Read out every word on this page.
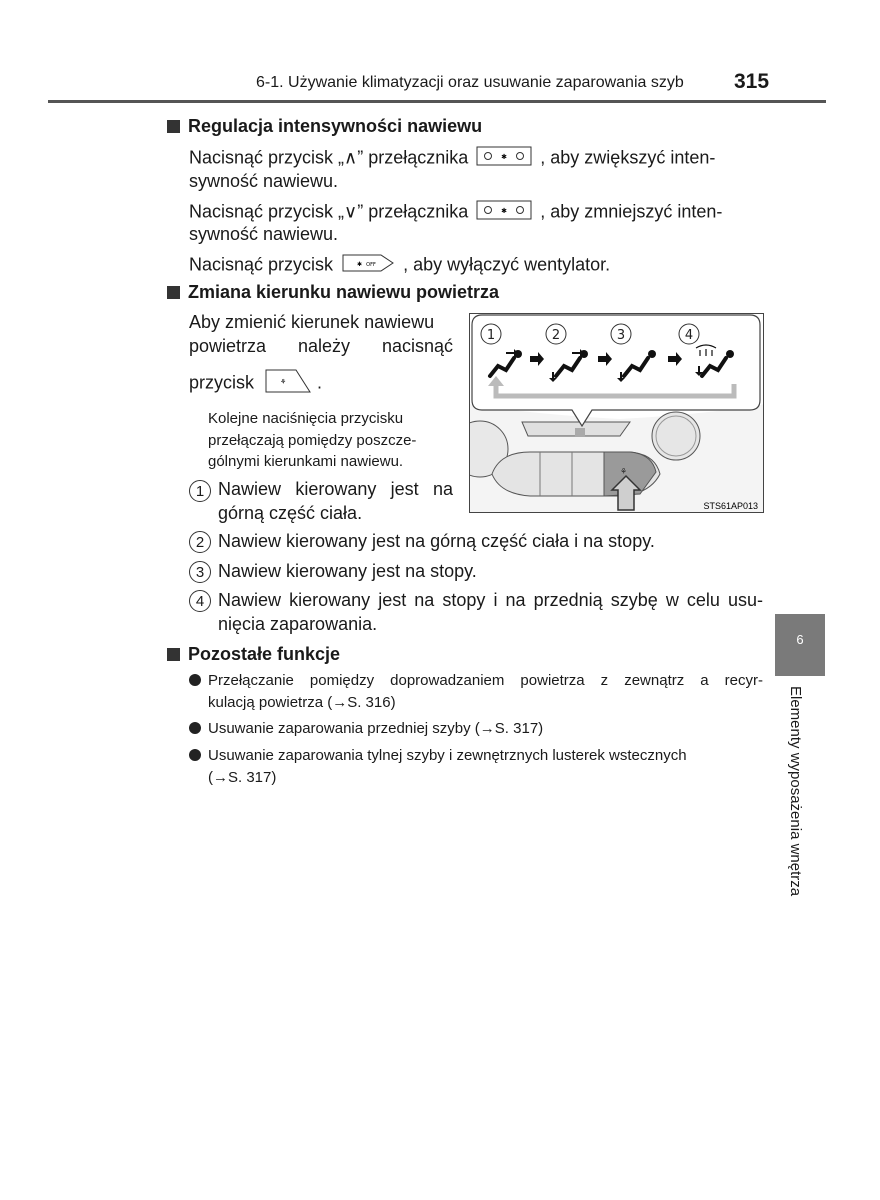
6-1. Używanie klimatyzacji oraz usuwanie zaparowania szyb 315
Regulacja intensywności nawiewu
Nacisnąć przycisk „∧” przełącznika	✱ , aby zwiększyć inten-
sywność nawiewu.
Nacisnąć przycisk „∨” przełącznika	✱ , aby zmniejszyć inten-
sywność nawiewu.
Nacisnąć przycisk	✱ OFF , aby wyłączyć wentylator.
Zmiana kierunku nawiewu powietrza
Aby zmienić kierunek nawiewu
powietrza należy nacisnąć
przycisk	⚘ .
Kolejne naciśnięcia przycisku
przełączają pomiędzy poszcze-
gólnymi kierunkami nawiewu.
1 Nawiew kierowany jest na
górną część ciała.
2 Nawiew kierowany jest na górną część ciała i na stopy.
3 Nawiew kierowany jest na stopy.
4 Nawiew kierowany jest na stopy i na przednią szybę w celu usu-
nięcia zaparowania.
⚘
1	2	3	4
STS61AP013
Pozostałe funkcje
Przełączanie pomiędzy doprowadzaniem powietrza z zewnątrz a recyr-
kulacją powietrza (→S. 316)
Usuwanie zaparowania przedniej szyby (→S. 317)
Usuwanie zaparowania tylnej szyby i zewnętrznych lusterek wstecznych
(→S. 317)
6
Elementy wyposażenia wnętrza
